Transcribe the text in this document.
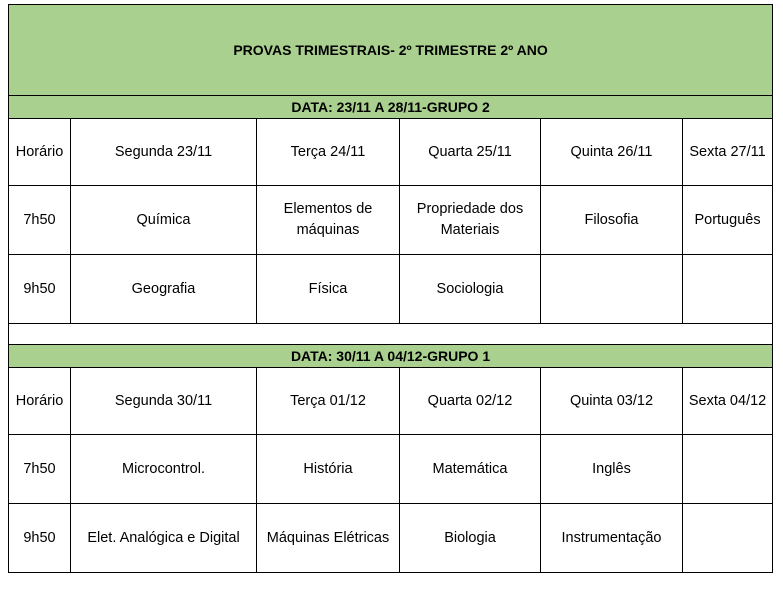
PROVAS TRIMESTRAIS- 2º TRIMESTRE 2º ANO					
DATA: 23/11 A 28/11-GRUPO 2					
Horário	Segunda 23/11	Terça 24/11	Quarta 25/11	Quinta 26/11	Sexta 27/11
7h50	Química	Elementos de máquinas	Propriedade dos Materiais	Filosofia	Português
9h50	Geografia	Física	Sociologia		

DATA: 30/11 A 04/12-GRUPO 1					
Horário	Segunda 30/11	Terça 01/12	Quarta 02/12	Quinta 03/12	Sexta 04/12
7h50	Microcontrol.	História	Matemática	Inglês	
9h50	Elet. Analógica e Digital	Máquinas Elétricas	Biologia	Instrumentação	
